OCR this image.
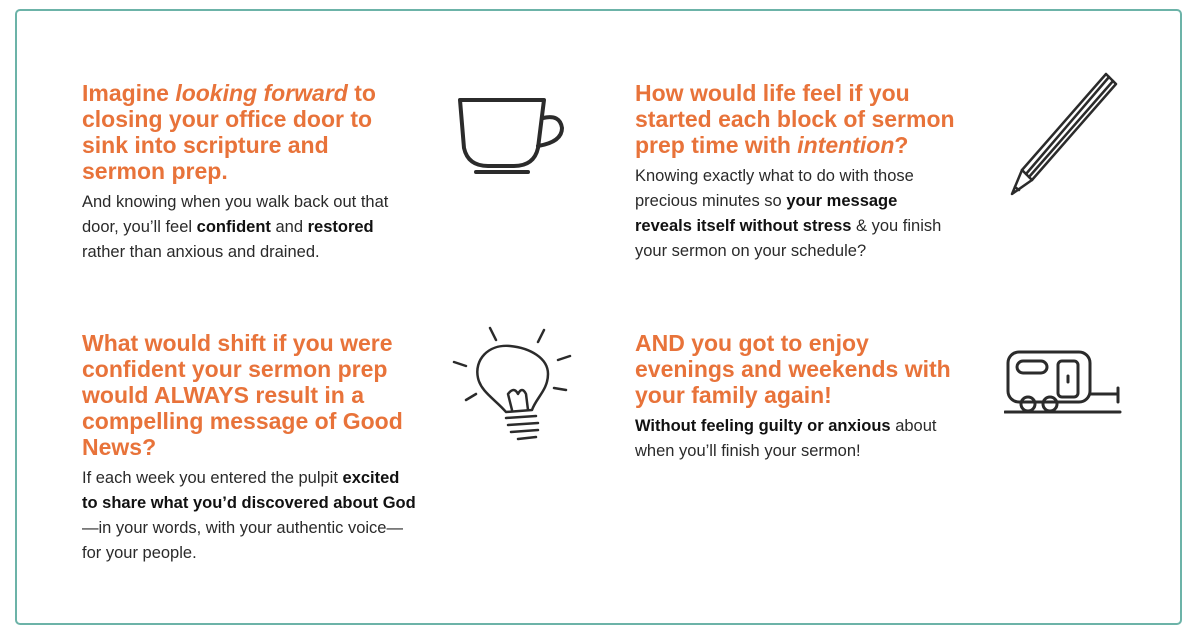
Imagine looking forward to closing your office door to sink into scripture and sermon prep.

And knowing when you walk back out that door, you’ll feel confident and restored rather than anxious and drained.

How would life feel if you started each block of sermon prep time with intention?

Knowing exactly what to do with those precious minutes so your message reveals itself without stress & you finish your sermon on your schedule?

What would shift if you were confident your sermon prep would ALWAYS result in a compelling message of Good News?

If each week you entered the pulpit excited to share what you’d discovered about God—in your words, with your authentic voice—for your people.

AND you got to enjoy evenings and weekends with your family again!

Without feeling guilty or anxious about when you’ll finish your sermon!
